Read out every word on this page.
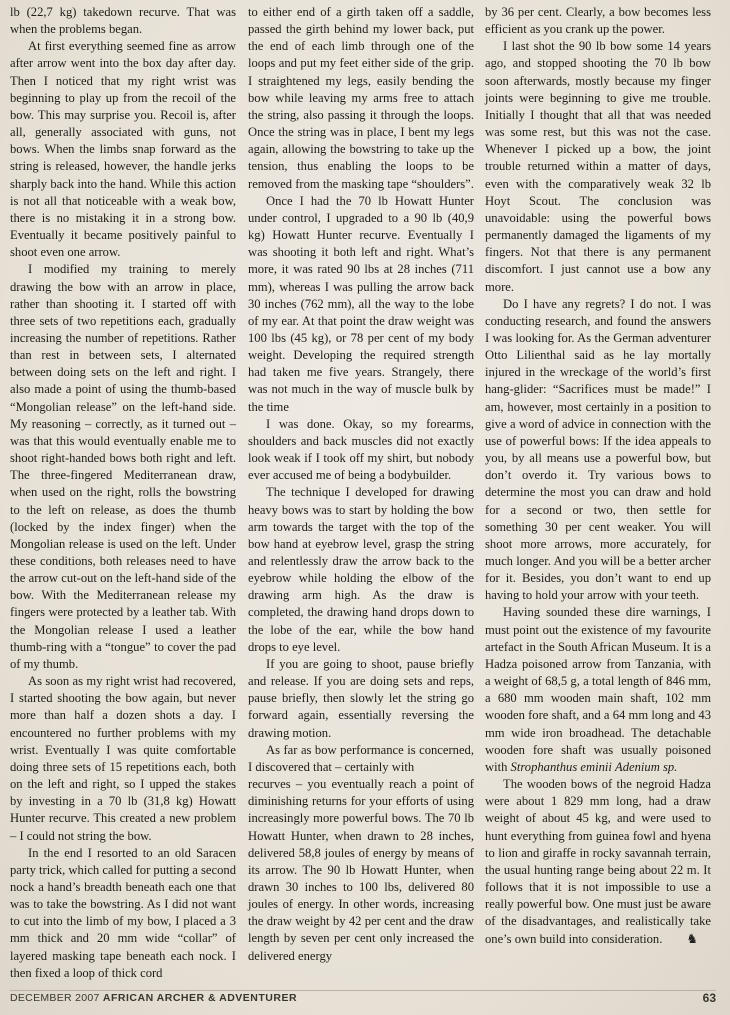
lb (22,7 kg) takedown recurve. That was when the problems began.

At first everything seemed fine as arrow after arrow went into the box day after day. Then I noticed that my right wrist was beginning to play up from the recoil of the bow. This may surprise you. Recoil is, after all, generally associated with guns, not bows. When the limbs snap forward as the string is released, however, the handle jerks sharply back into the hand. While this action is not all that noticeable with a weak bow, there is no mistaking it in a strong bow. Eventually it became positively painful to shoot even one arrow.

I modified my training to merely drawing the bow with an arrow in place, rather than shooting it. I started off with three sets of two repetitions each, gradually increasing the number of repetitions. Rather than rest in between sets, I alternated between doing sets on the left and right. I also made a point of using the thumb-based “Mongolian release” on the left-hand side. My reasoning – correctly, as it turned out – was that this would eventually enable me to shoot right-handed bows both right and left. The three-fingered Mediterranean draw, when used on the right, rolls the bowstring to the left on release, as does the thumb (locked by the index finger) when the Mongolian release is used on the left. Under these conditions, both releases need to have the arrow cut-out on the left-hand side of the bow. With the Mediterranean release my fingers were protected by a leather tab. With the Mongolian release I used a leather thumb-ring with a “tongue” to cover the pad of my thumb.

As soon as my right wrist had recovered, I started shooting the bow again, but never more than half a dozen shots a day. I encountered no further problems with my wrist. Eventually I was quite comfortable doing three sets of 15 repetitions each, both on the left and right, so I upped the stakes by investing in a 70 lb (31,8 kg) Howatt Hunter recurve. This created a new problem – I could not string the bow.

In the end I resorted to an old Saracen party trick, which called for putting a second nock a hand’s breadth beneath each one that was to take the bowstring. As I did not want to cut into the limb of my bow, I placed a 3 mm thick and 20 mm wide “collar” of layered masking tape beneath each nock. I then fixed a loop of thick cord

to either end of a girth taken off a saddle, passed the girth behind my lower back, put the end of each limb through one of the loops and put my feet either side of the grip. I straightened my legs, easily bending the bow while leaving my arms free to attach the string, also passing it through the loops. Once the string was in place, I bent my legs again, allowing the bowstring to take up the tension, thus enabling the loops to be removed from the masking tape “shoulders”.

Once I had the 70 lb Howatt Hunter under control, I upgraded to a 90 lb (40,9 kg) Howatt Hunter recurve. Eventually I was shooting it both left and right. What’s more, it was rated 90 lbs at 28 inches (711 mm), whereas I was pulling the arrow back 30 inches (762 mm), all the way to the lobe of my ear. At that point the draw weight was 100 lbs (45 kg), or 78 per cent of my body weight. Developing the required strength had taken me five years. Strangely, there was not much in the way of muscle bulk by the time

I was done. Okay, so my forearms, shoulders and back muscles did not exactly look weak if I took off my shirt, but nobody ever accused me of being a bodybuilder.

The technique I developed for drawing heavy bows was to start by holding the bow arm towards the target with the top of the bow hand at eyebrow level, grasp the string and relentlessly draw the arrow back to the eyebrow while holding the elbow of the drawing arm high. As the draw is completed, the drawing hand drops down to the lobe of the ear, while the bow hand drops to eye level.

If you are going to shoot, pause briefly and release. If you are doing sets and reps, pause briefly, then slowly let the string go forward again, essentially reversing the drawing motion.

As far as bow performance is concerned, I discovered that – certainly with

recurves – you eventually reach a point of diminishing returns for your efforts of using increasingly more powerful bows. The 70 lb Howatt Hunter, when drawn to 28 inches, delivered 58,8 joules of energy by means of its arrow. The 90 lb Howatt Hunter, when drawn 30 inches to 100 lbs, delivered 80 joules of energy. In other words, increasing the draw weight by 42 per cent and the draw length by seven per cent only increased the delivered energy

by 36 per cent. Clearly, a bow becomes less efficient as you crank up the power.

I last shot the 90 lb bow some 14 years ago, and stopped shooting the 70 lb bow soon afterwards, mostly because my finger joints were beginning to give me trouble. Initially I thought that all that was needed was some rest, but this was not the case. Whenever I picked up a bow, the joint trouble returned within a matter of days, even with the comparatively weak 32 lb Hoyt Scout. The conclusion was unavoidable: using the powerful bows permanently damaged the ligaments of my fingers. Not that there is any permanent discomfort. I just cannot use a bow any more.

Do I have any regrets? I do not. I was conducting research, and found the answers I was looking for. As the German adventurer Otto Lilienthal said as he lay mortally injured in the wreckage of the world’s first hang-glider: “Sacrifices must be made!” I am, however, most certainly in a position to give a word of advice in connection with the use of powerful bows: If the idea appeals to you, by all means use a powerful bow, but don’t overdo it. Try various bows to determine the most you can draw and hold for a second or two, then settle for something 30 per cent weaker. You will shoot more arrows, more accurately, for much longer. And you will be a better archer for it. Besides, you don’t want to end up having to hold your arrow with your teeth.

Having sounded these dire warnings, I must point out the existence of my favourite artefact in the South African Museum. It is a Hadza poisoned arrow from Tanzania, with a weight of 68,5 g, a total length of 846 mm, a 680 mm wooden main shaft, 102 mm wooden fore shaft, and a 64 mm long and 43 mm wide iron broadhead. The detachable wooden fore shaft was usually poisoned with Strophanthus eminii Adenium sp.

The wooden bows of the negroid Hadza were about 1 829 mm long, had a draw weight of about 45 kg, and were used to hunt everything from guinea fowl and hyena to lion and giraffe in rocky savannah terrain, the usual hunting range being about 22 m. It follows that it is not impossible to use a really powerful bow. One must just be aware of the disadvantages, and realistically take one’s own build into consideration. ♞

DECEMBER 2007 AFRICAN ARCHER & ADVENTURER	63
